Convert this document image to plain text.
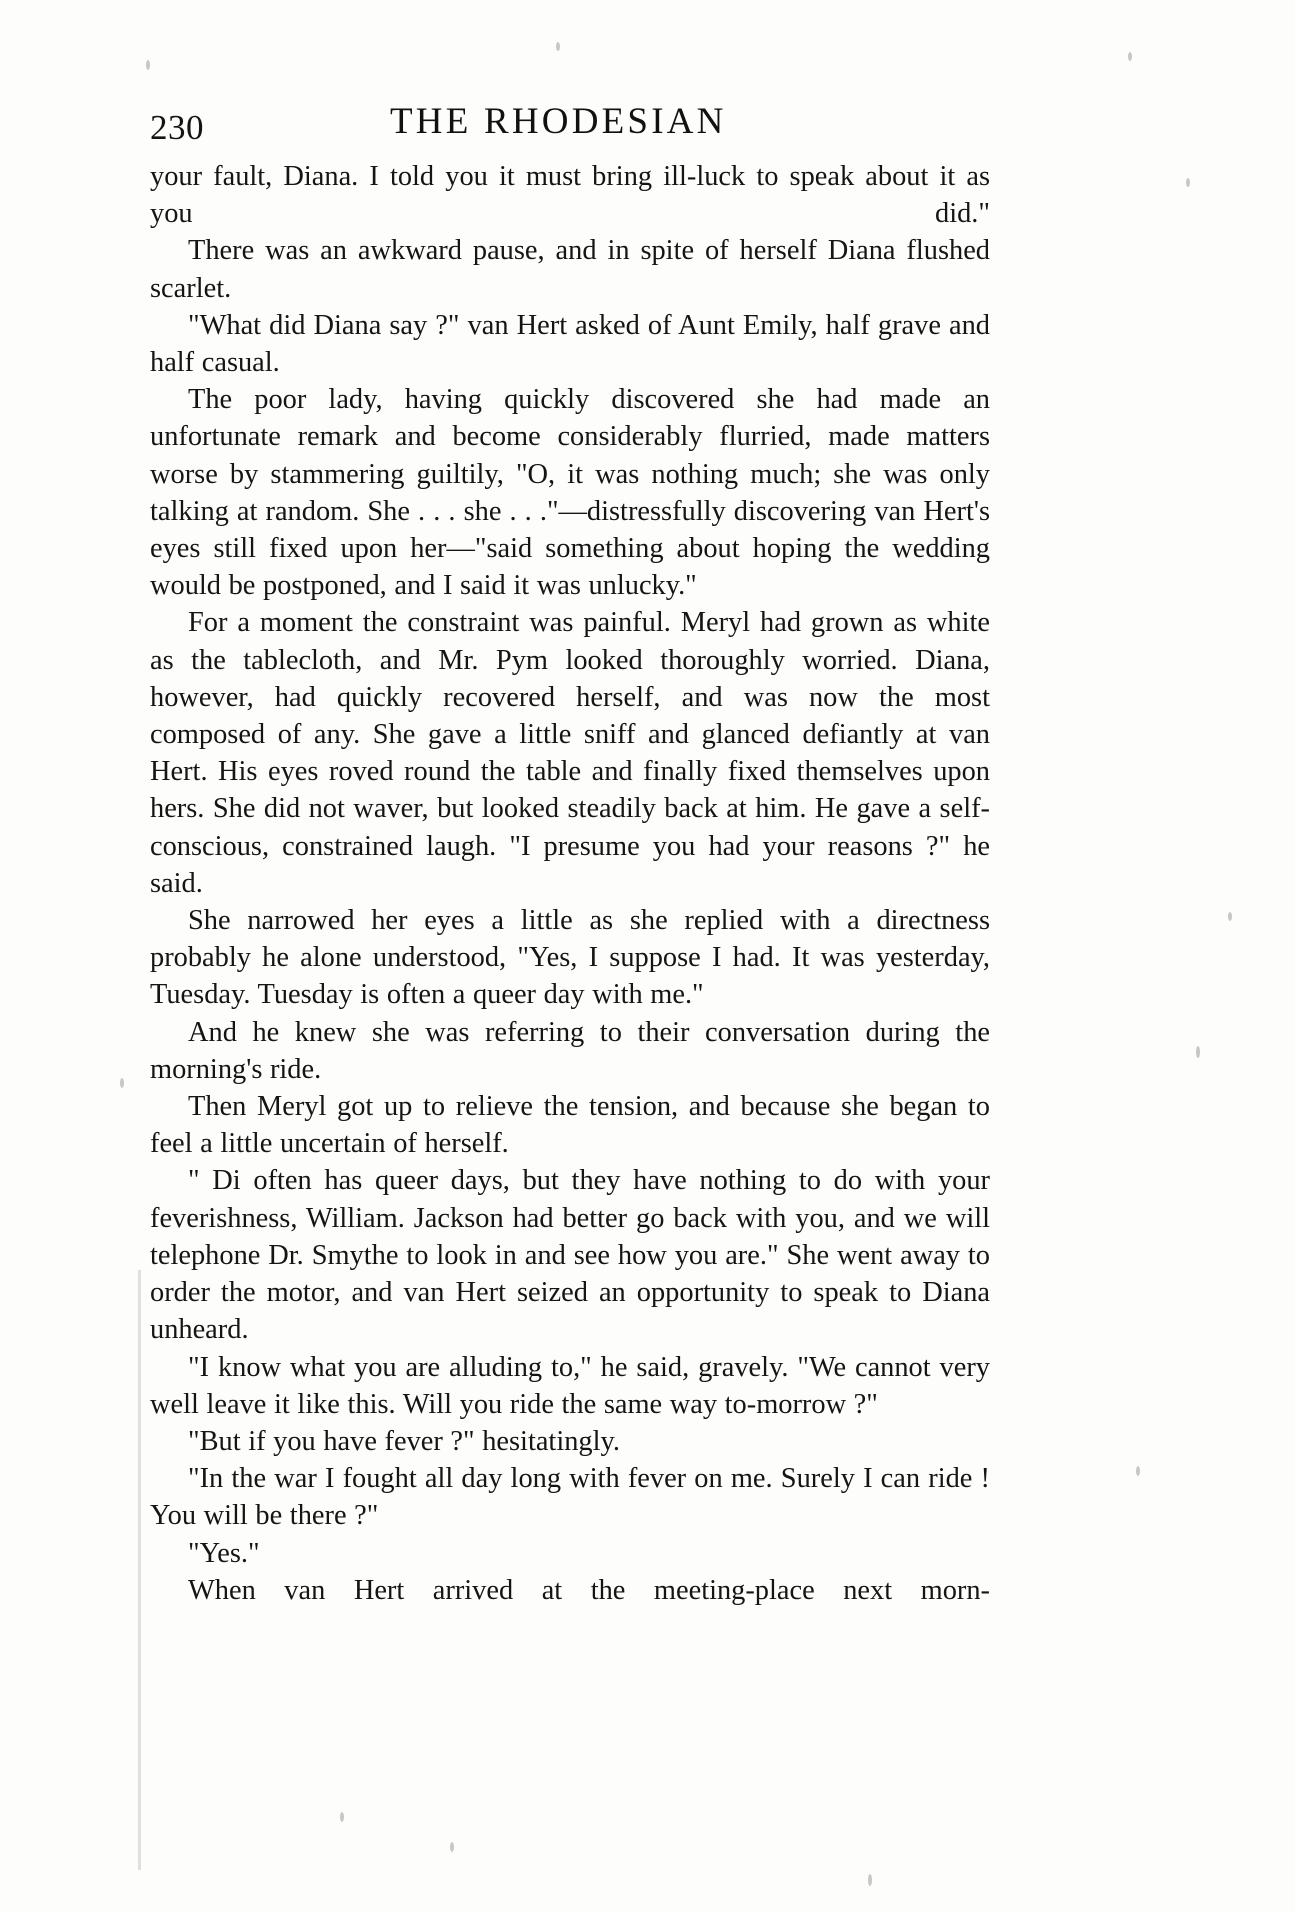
230	THE RHODESIAN

your fault, Diana. I told you it must bring ill-luck to speak about it as you did."

There was an awkward pause, and in spite of herself Diana flushed scarlet.

"What did Diana say ?" van Hert asked of Aunt Emily, half grave and half casual.

The poor lady, having quickly discovered she had made an unfortunate remark and become considerably flurried, made matters worse by stammering guiltily, "O, it was nothing much; she was only talking at random. She . . . she . . ."—distressfully discovering van Hert's eyes still fixed upon her—"said something about hoping the wedding would be postponed, and I said it was unlucky."

For a moment the constraint was painful. Meryl had grown as white as the tablecloth, and Mr. Pym looked thoroughly worried. Diana, however, had quickly recovered herself, and was now the most composed of any. She gave a little sniff and glanced defiantly at van Hert. His eyes roved round the table and finally fixed themselves upon hers. She did not waver, but looked steadily back at him. He gave a self-conscious, constrained laugh. "I presume you had your reasons ?" he said.

She narrowed her eyes a little as she replied with a directness probably he alone understood, "Yes, I suppose I had. It was yesterday, Tuesday. Tuesday is often a queer day with me."

And he knew she was referring to their conversation during the morning's ride.

Then Meryl got up to relieve the tension, and because she began to feel a little uncertain of herself.

" Di often has queer days, but they have nothing to do with your feverishness, William. Jackson had better go back with you, and we will telephone Dr. Smythe to look in and see how you are." She went away to order the motor, and van Hert seized an opportunity to speak to Diana unheard.

"I know what you are alluding to," he said, gravely. "We cannot very well leave it like this. Will you ride the same way to-morrow ?"

"But if you have fever ?" hesitatingly.

"In the war I fought all day long with fever on me. Surely I can ride ! You will be there ?"

"Yes."

When van Hert arrived at the meeting-place next morn-
